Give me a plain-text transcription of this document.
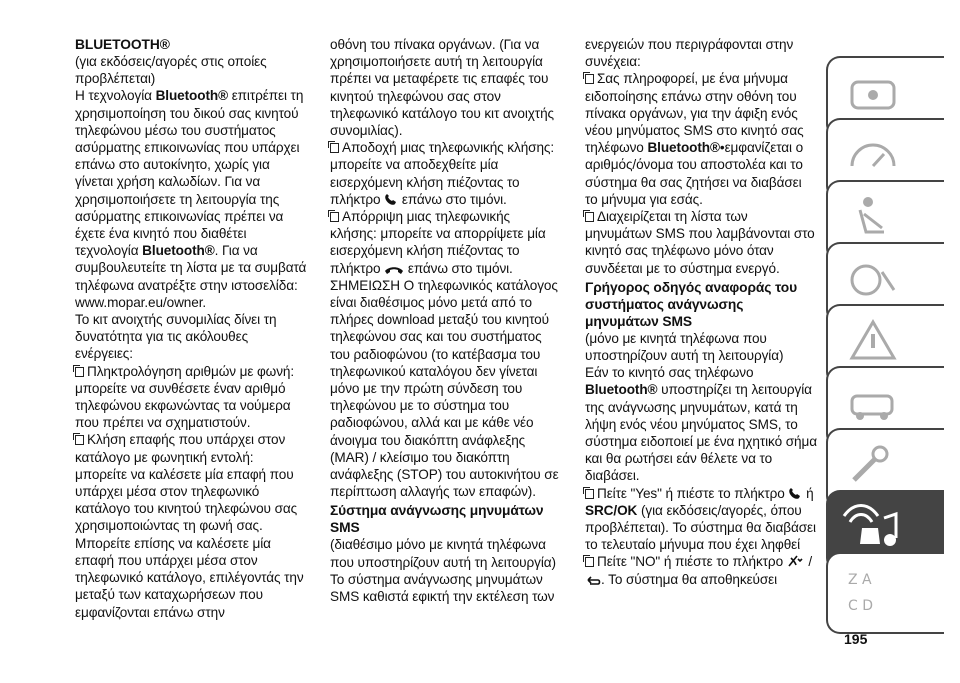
BLUETOOTH®

(για εκδόσεις/αγορές στις οποίες προβλέπεται)

Η τεχνολογία Bluetooth® επιτρέπει τη χρησιμοποίηση του δικού σας κινητού τηλεφώνου μέσω του συστήματος ασύρματης επικοινωνίας που υπάρχει επάνω στο αυτοκίνητο, χωρίς για γίνεται χρήση καλωδίων. Για να χρησιμοποιήσετε τη λειτουργία της ασύρματης επικοινωνίας πρέπει να έχετε ένα κινητό που διαθέτει τεχνολογία Bluetooth®. Για να συμβουλευτείτε τη λίστα με τα συμβατά τηλέφωνα ανατρέξτε στην ιστοσελίδα: www.mopar.eu/owner.

Το κιτ ανοιχτής συνομιλίας δίνει τη δυνατότητα για τις ακόλουθες ενέργειες:

Πληκτρολόγηση αριθμών με φωνή: μπορείτε να συνθέσετε έναν αριθμό τηλεφώνου εκφωνώντας τα νούμερα που πρέπει να σχηματιστούν.

Κλήση επαφής που υπάρχει στον κατάλογο με φωνητική εντολή: μπορείτε να καλέσετε μία επαφή που υπάρχει μέσα στον τηλεφωνικό κατάλογο του κινητού τηλεφώνου σας χρησιμοποιώντας τη φωνή σας. Μπορείτε επίσης να καλέσετε μία επαφή που υπάρχει μέσα στον τηλεφωνικό κατάλογο, επιλέγοντάς την μεταξύ των καταχωρήσεων που εμφανίζονται επάνω στην

οθόνη του πίνακα οργάνων. (Για να χρησιμοποιήσετε αυτή τη λειτουργία πρέπει να μεταφέρετε τις επαφές του κινητού τηλεφώνου σας στον τηλεφωνικό κατάλογο του κιτ ανοιχτής συνομιλίας).

Αποδοχή μιας τηλεφωνικής κλήσης: μπορείτε να αποδεχθείτε μία εισερχόμενη κλήση πιέζοντας το πλήκτρο  επάνω στο τιμόνι.

Απόρριψη μιας τηλεφωνικής κλήσης: μπορείτε να απορρίψετε μία εισερχόμενη κλήση πιέζοντας το πλήκτρο  επάνω στο τιμόνι.

ΣΗΜΕΙΩΣΗ Ο τηλεφωνικός κατάλογος είναι διαθέσιμος μόνο μετά από το πλήρες download μεταξύ του κινητού τηλεφώνου σας και του συστήματος του ραδιοφώνου (το κατέβασμα του τηλεφωνικού καταλόγου δεν γίνεται μόνο με την πρώτη σύνδεση του τηλεφώνου με το σύστημα του ραδιοφώνου, αλλά και με κάθε νέο άνοιγμα του διακόπτη ανάφλεξης (MAR) / κλείσιμο του διακόπτη ανάφλεξης (STOP) του αυτοκινήτου σε περίπτωση αλλαγής των επαφών).

Σύστημα ανάγνωσης μηνυμάτων SMS

(διαθέσιμο μόνο με κινητά τηλέφωνα που υποστηρίζουν αυτή τη λειτουργία)

Το σύστημα ανάγνωσης μηνυμάτων SMS καθιστά εφικτή την εκτέλεση των

ενεργειών που περιγράφονται στην συνέχεια:

Σας πληροφορεί, με ένα μήνυμα ειδοποίησης επάνω στην οθόνη του πίνακα οργάνων, για την άφιξη ενός νέου μηνύματος SMS στο κινητό σας τηλέφωνο Bluetooth®•εμφανίζεται ο αριθμός/όνομα του αποστολέα και το σύστημα θα σας ζητήσει να διαβάσει το μήνυμα για εσάς.

Διαχειρίζεται τη λίστα των μηνυμάτων SMS που λαμβάνονται στο κινητό σας τηλέφωνο μόνο όταν συνδέεται με το σύστημα ενεργό.

Γρήγορος οδηγός αναφοράς του συστήματος ανάγνωσης μηνυμάτων SMS

(μόνο με κινητά τηλέφωνα που υποστηρίζουν αυτή τη λειτουργία)

Εάν το κινητό σας τηλέφωνο Bluetooth® υποστηρίζει τη λειτουργία της ανάγνωσης μηνυμάτων, κατά τη λήψη ενός νέου μηνύματος SMS, το σύστημα ειδοποιεί με ένα ηχητικό σήμα και θα ρωτήσει εάν θέλετε να το διαβάσει.

Πείτε "Yes" ή πιέστε το πλήκτρο  ή SRC/OK (για εκδόσεις/αγορές, όπου προβλέπεται). Το σύστημα θα διαβάσει το τελευταίο μήνυμα που έχει ληφθεί

Πείτε "NO" ή πιέστε το πλήκτρο  / . Το σύστημα θα αποθηκεύσει	Z A
C D
195
